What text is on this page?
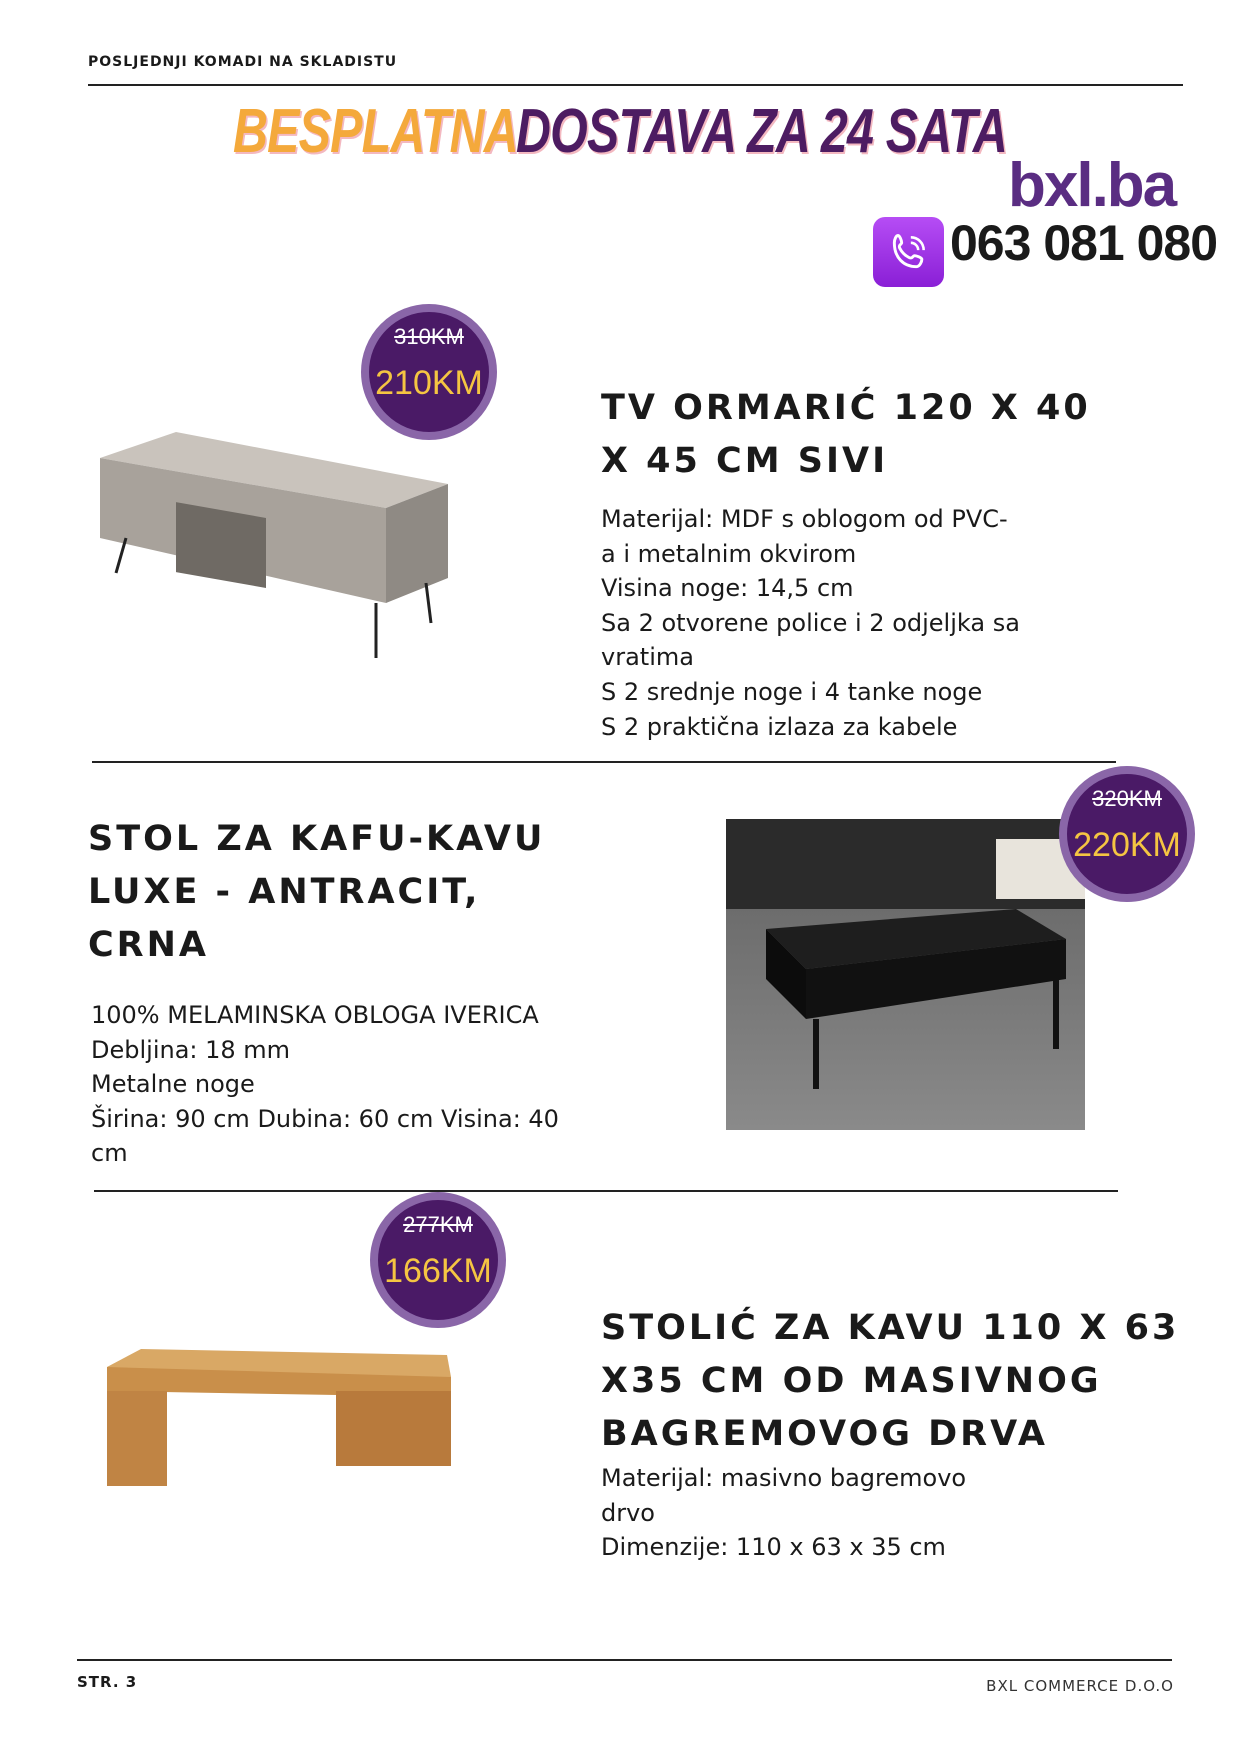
POSLJEDNJI KOMADI NA SKLADISTU
BESPLATNA
DOSTAVA ZA 24 SATA
bxl.ba
063 081 080
310KM
210KM
TV ORMARIĆ 120 X 40
X 45 CM SIVI
Materijal: MDF s oblogom od PVC-
a i metalnim okvirom
Visina noge: 14,5 cm
Sa 2 otvorene police i 2 odjeljka sa
vratima
S 2 srednje noge i 4 tanke noge
S 2 praktična izlaza za kabele
STOL ZA KAFU-KAVU
LUXE - ANTRACIT,
CRNA
100% MELAMINSKA OBLOGA IVERICA
Debljina: 18 mm
Metalne noge
Širina: 90 cm Dubina: 60 cm Visina: 40
cm
320KM
220KM
277KM
166KM
STOLIĆ ZA KAVU 110 X 63
X35 CM OD MASIVNOG
BAGREMOVOG DRVA
Materijal: masivno bagremovo
drvo
Dimenzije: 110 x 63 x 35 cm
STR. 3	BXL COMMERCE D.O.O
